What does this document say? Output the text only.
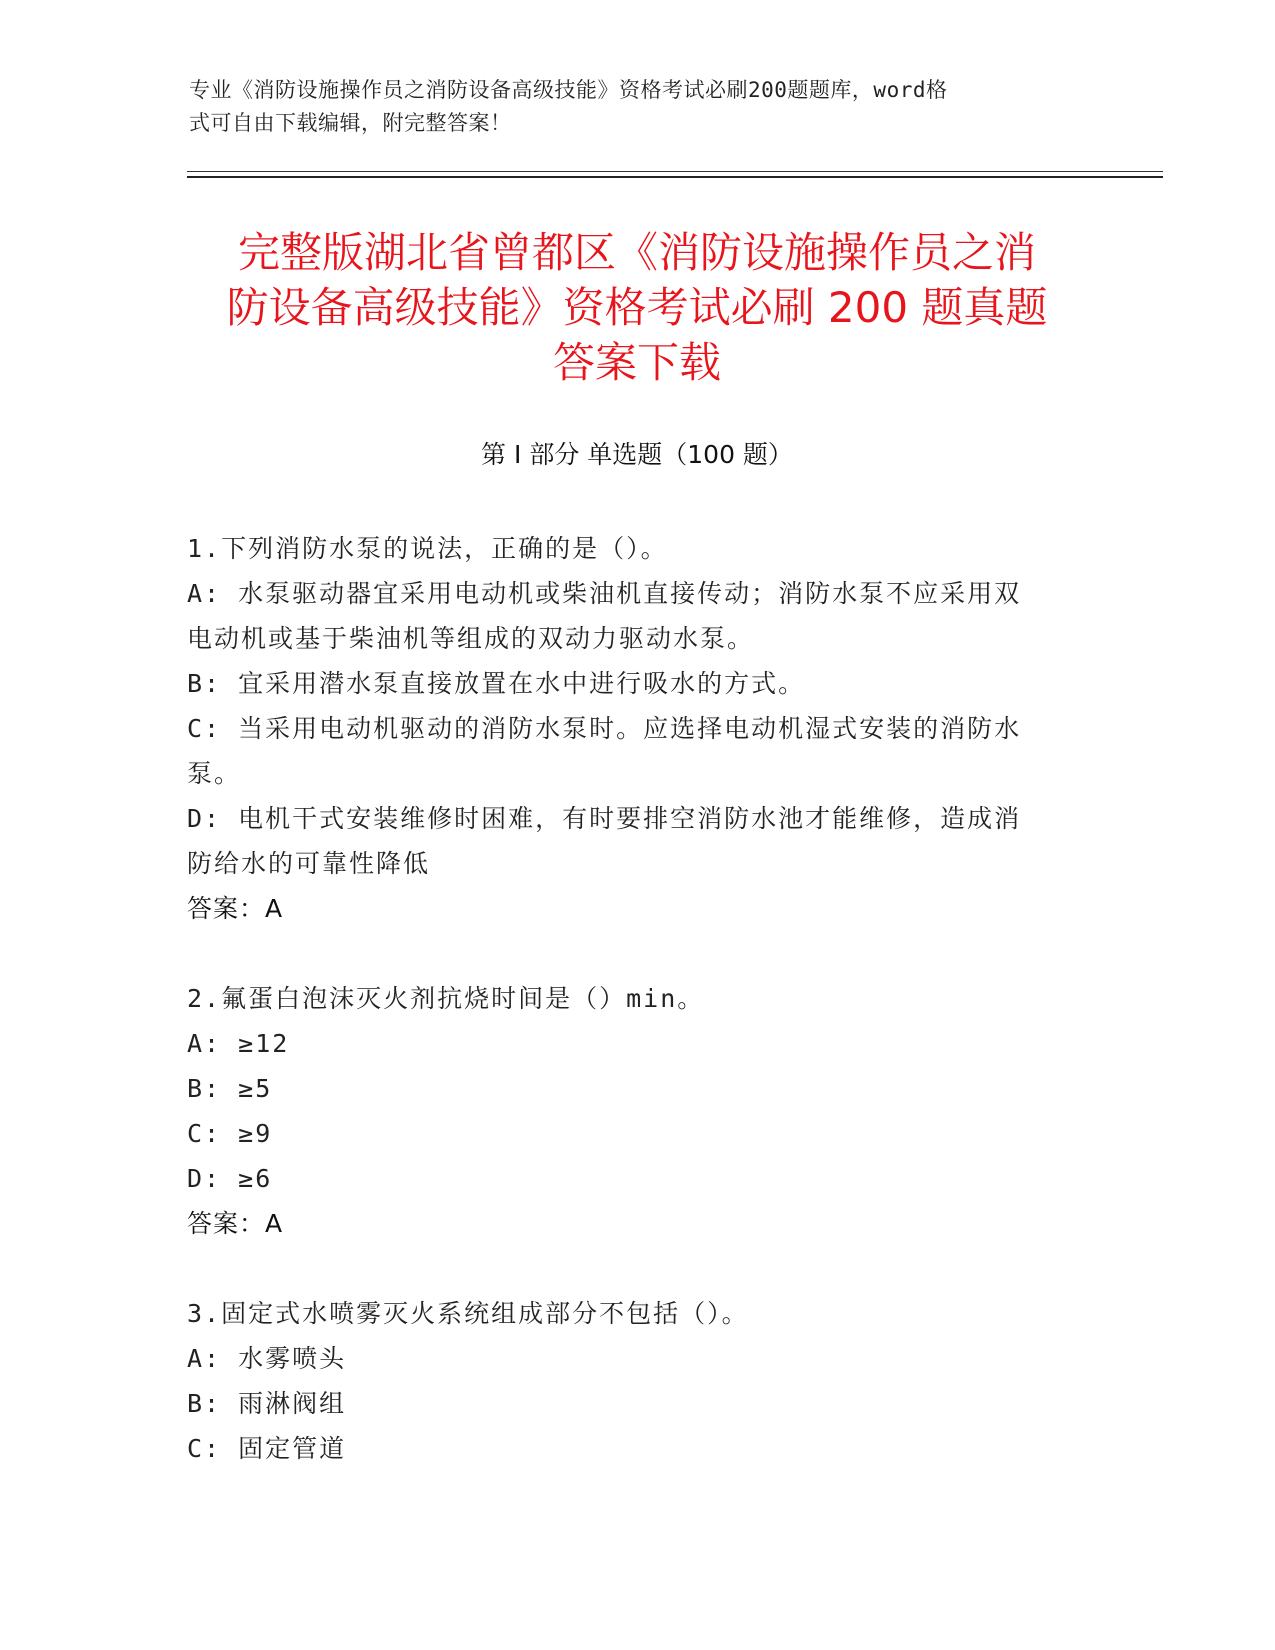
专业《消防设施操作员之消防设备高级技能》资格考试必刷200题题库，word格
式可自由下载编辑，附完整答案！
完整版湖北省曾都区《消防设施操作员之消
防设备高级技能》资格考试必刷 200 题真题
答案下载
第 I 部分 单选题（100 题）
1.下列消防水泵的说法，正确的是（）。
A: 水泵驱动器宜采用电动机或柴油机直接传动；消防水泵不应采用双
电动机或基于柴油机等组成的双动力驱动水泵。
B: 宜采用潜水泵直接放置在水中进行吸水的方式。
C: 当采用电动机驱动的消防水泵时。应选择电动机湿式安装的消防水
泵。
D: 电机干式安装维修时困难，有时要排空消防水池才能维修，造成消
防给水的可靠性降低
答案：A
2.氟蛋白泡沫灭火剂抗烧时间是（）min。
A: ≥12
B: ≥5
C: ≥9
D: ≥6
答案：A
3.固定式水喷雾灭火系统组成部分不包括（）。
A: 水雾喷头
B: 雨淋阀组
C: 固定管道
